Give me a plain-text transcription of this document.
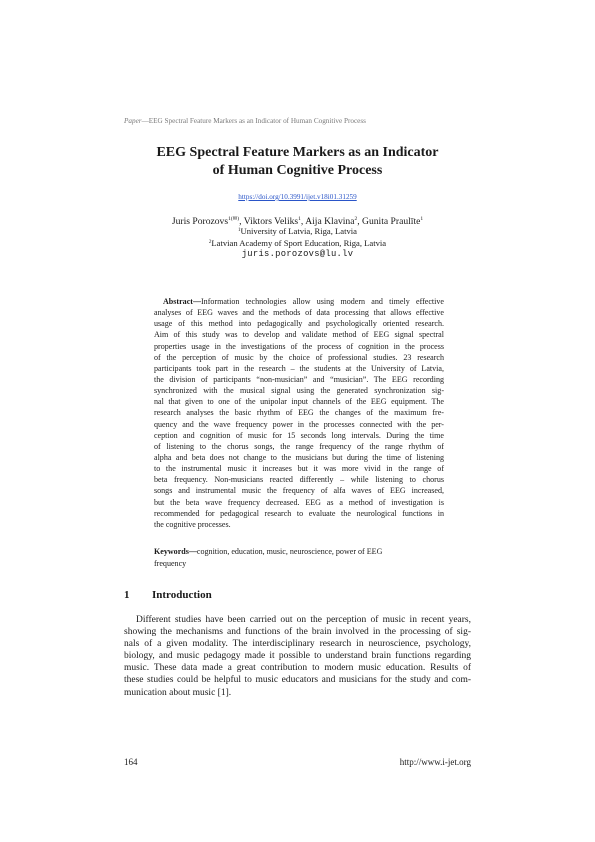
Paper—EEG Spectral Feature Markers as an Indicator of Human Cognitive Process
EEG Spectral Feature Markers as an Indicator
of Human Cognitive Process
https://doi.org/10.3991/ijet.v18i01.31259
Juris Porozovs$^{1(✉)}$, Viktors Veliks$^1$, Aija Klavina$^2$, Gunita Praulīte$^1$
$^1$University of Latvia, Riga, Latvia
$^2$Latvian Academy of Sport Education, Riga, Latvia
juris.porozovs@lu.lv
Abstract—Information technologies allow using modern and timely effective
analyses of EEG waves and the methods of data processing that allows effective
usage of this method into pedagogically and psychologically oriented research.
Aim of this study was to develop and validate method of EEG signal spectral
properties usage in the investigations of the process of cognition in the process
of the perception of music by the choice of professional studies. 23 research
participants took part in the research – the students at the University of Latvia,
the division of participants “non-musician” and “musician”. The EEG recording
synchronized with the musical signal using the generated synchronization sig-
nal that given to one of the unipolar input channels of the EEG equipment. The
research analyses the basic rhythm of EEG the changes of the maximum fre-
quency and the wave frequency power in the processes connected with the per-
ception and cognition of music for 15 seconds long intervals. During the time
of listening to the chorus songs, the range frequency of the range rhythm of
alpha and beta does not change to the musicians but during the time of listening
to the instrumental music it increases but it was more vivid in the range of
beta frequency. Non-musicians reacted differently – while listening to chorus
songs and instrumental music the frequency of alfa waves of EEG increased,
but the beta wave frequency decreased. EEG as a method of investigation is
recommended for pedagogical research to evaluate the neurological functions in
the cognitive processes.
Keywords—cognition, education, music, neuroscience, power of EEG
frequency
1 Introduction
Different studies have been carried out on the perception of music in recent years,
showing the mechanisms and functions of the brain involved in the processing of sig-
nals of a given modality. The interdisciplinary research in neuroscience, psychology,
biology, and music pedagogy made it possible to understand brain functions regarding
music. These data made a great contribution to modern music education. Results of
these studies could be helpful to music educators and musicians for the study and com-
munication about music [1].
164	http://www.i-jet.org
